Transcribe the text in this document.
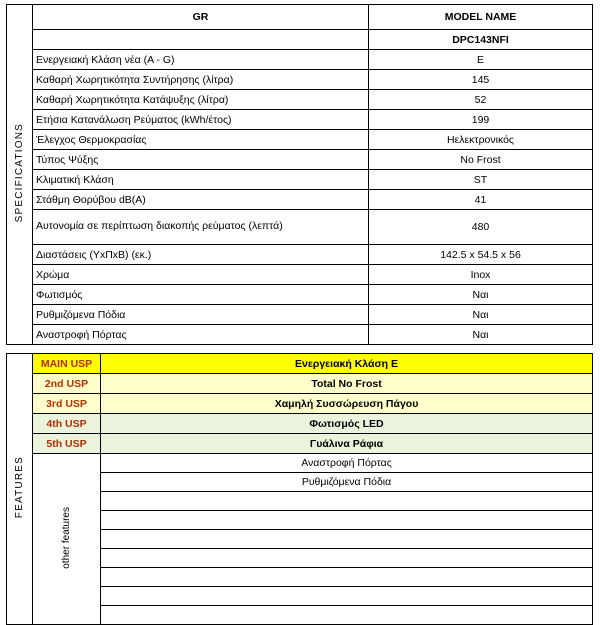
SPECIFICATIONS	GR	MODEL NAME
		DPC143NFI
	Ενεργειακή Κλάση νέα (Α - G)	E
	Καθαρή Χωρητικότητα Συντήρησης (λίτρα)	145
	Καθαρή Χωρητικότητα Κατάψυξης (λίτρα)	52
	Ετήσια Κατανάλωση Ρεύματος (kWh/έτος)	199
	Έλεγχος Θερμοκρασίας	Ηελεκτρονικός
	Τύπος Ψύξης	No Frost
	Κλιματική Κλάση	ST
	Στάθμη Θορύβου dB(A)	41
	Αυτονομία σε περίπτωση διακοπής ρεύματος (λεπτά)	480
	Διαστάσεις (ΥxΠxΒ) (εκ.)	142.5 x 54.5 x 56
	Χρώμα	Inox
	Φωτισμός	Ναι
	Ρυθμιζόμενα Πόδια	Ναι
	Αναστροφή Πόρτας	Ναι
FEATURES	MAIN USP	Ενεργειακή Κλάση E
	2nd USP	Total No Frost
	3rd USP	Χαμηλή Συσσώρευση Πάγου
	4th USP	Φωτισμός LED
	5th USP	Γυάλινα Ράφια
	other features	Αναστροφή Πόρτας
		Ρυθμιζόμενα Πόδια
